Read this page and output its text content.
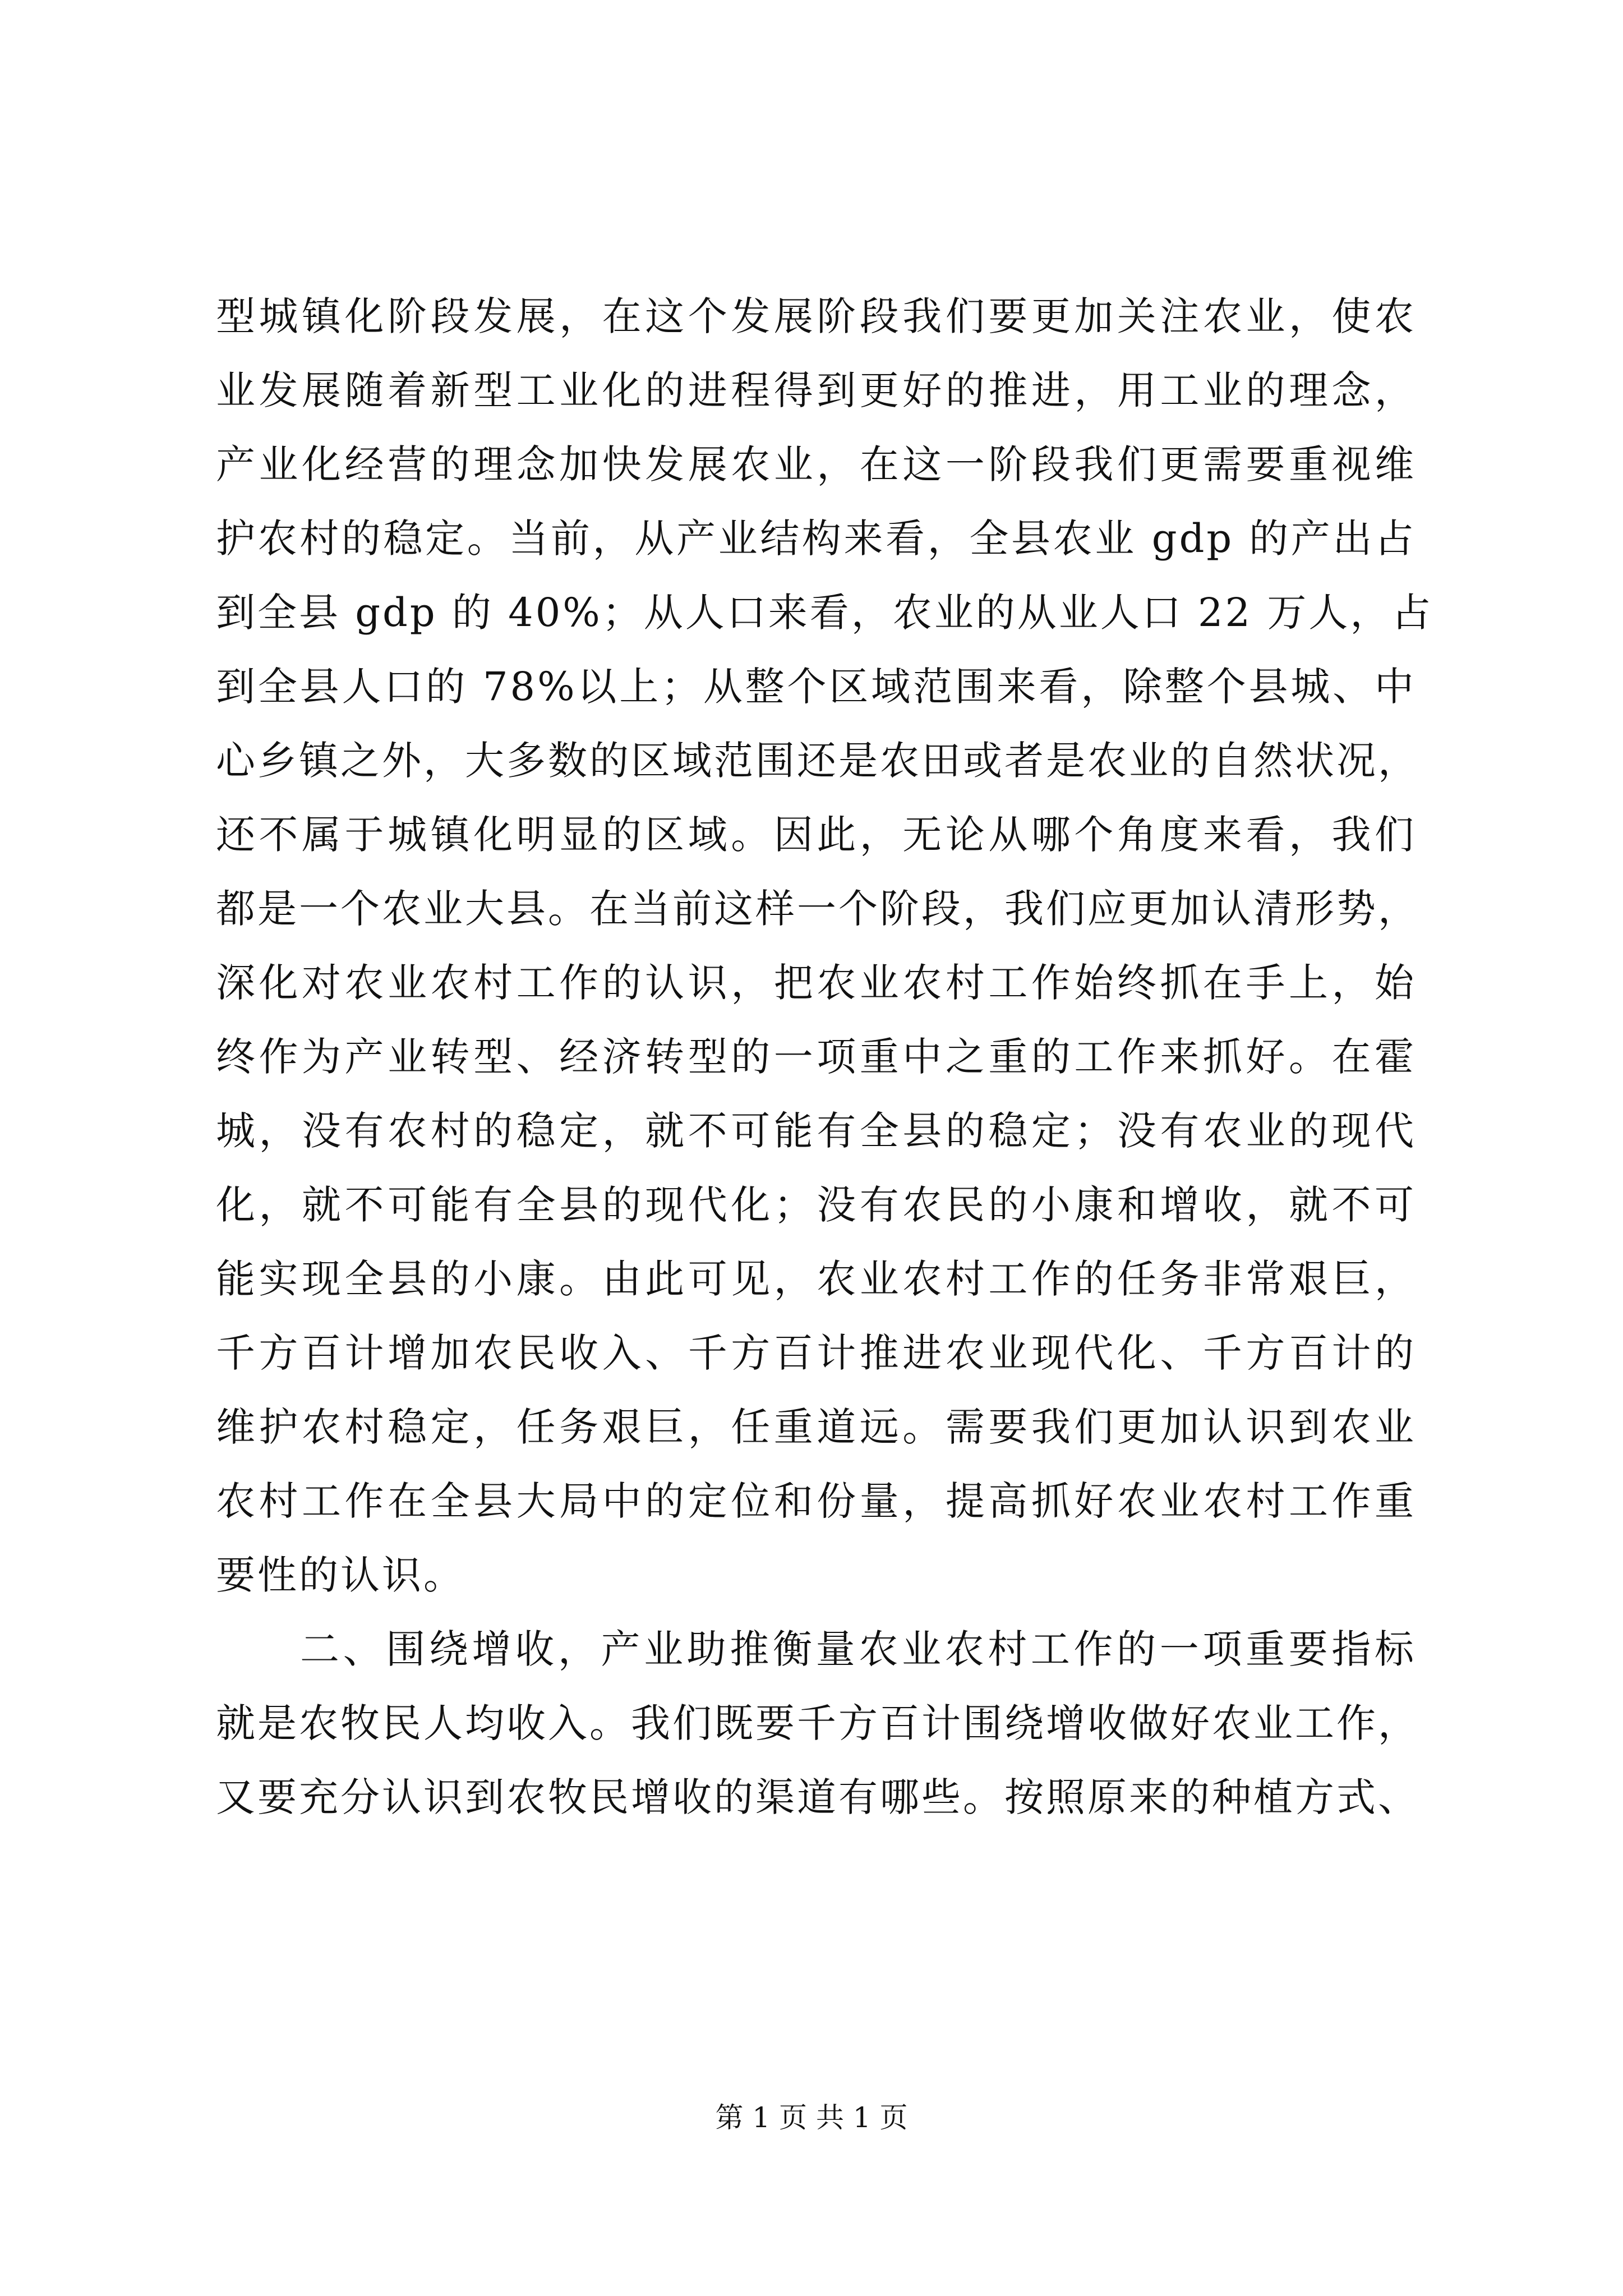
型城镇化阶段发展，在这个发展阶段我们要更加关注农业，使农
业发展随着新型工业化的进程得到更好的推进，用工业的理念，
产业化经营的理念加快发展农业，在这一阶段我们更需要重视维
护农村的稳定。当前，从产业结构来看，全县农业 gdp 的产出占
到全县 gdp 的 40%；从人口来看，农业的从业人口 22 万人，占
到全县人口的 78%以上；从整个区域范围来看，除整个县城、中
心乡镇之外，大多数的区域范围还是农田或者是农业的自然状况，
还不属于城镇化明显的区域。因此，无论从哪个角度来看，我们
都是一个农业大县。在当前这样一个阶段，我们应更加认清形势，
深化对农业农村工作的认识，把农业农村工作始终抓在手上，始
终作为产业转型、经济转型的一项重中之重的工作来抓好。在霍
城，没有农村的稳定，就不可能有全县的稳定；没有农业的现代
化，就不可能有全县的现代化；没有农民的小康和增收，就不可
能实现全县的小康。由此可见，农业农村工作的任务非常艰巨，
千方百计增加农民收入、千方百计推进农业现代化、千方百计的
维护农村稳定，任务艰巨，任重道远。需要我们更加认识到农业
农村工作在全县大局中的定位和份量，提高抓好农业农村工作重
要性的认识。
二、围绕增收，产业助推衡量农业农村工作的一项重要指标
就是农牧民人均收入。我们既要千方百计围绕增收做好农业工作，
又要充分认识到农牧民增收的渠道有哪些。按照原来的种植方式、
第 1 页 共 1 页
